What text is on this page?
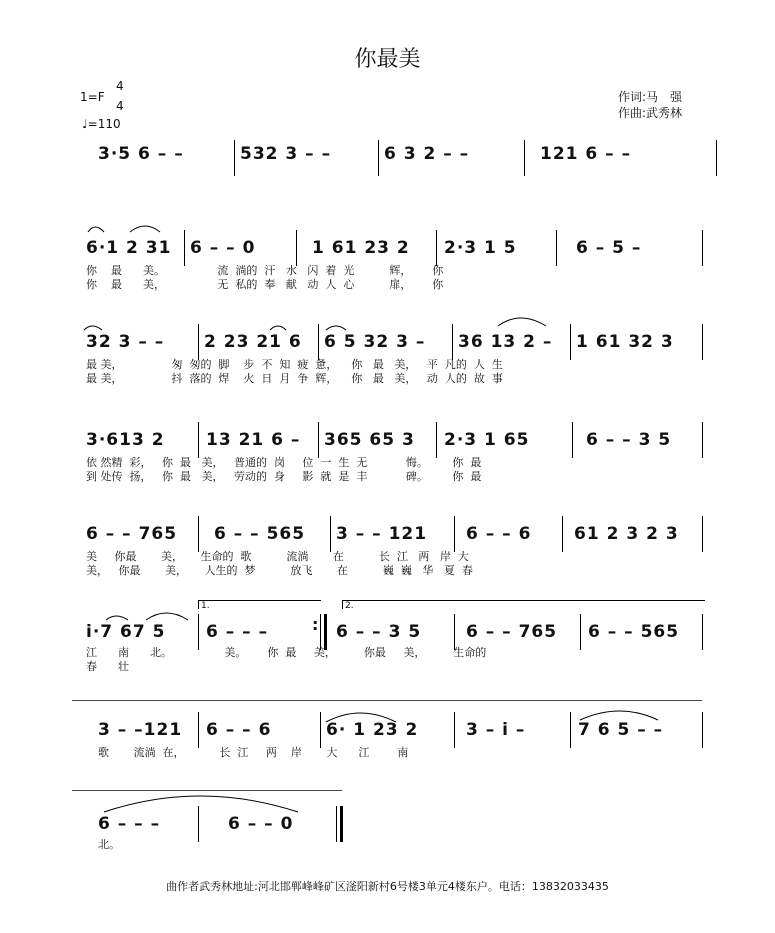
你最美
1=F
4
4
♩=110
作词:马　强
作曲:武秀林
3·5 6 – –	532 3 – –	6 3 2 – –	121 6 – –
6·1 2 31 6 – – 0	1 61 23 2 2·3 1 5	6 – 5 –
你    最      美。               流  淌的  汗   水   闪  着  光          辉，      你
你    最      美，               无  私的  奉   献   动  人  心          扉，      你
32 3 – – 2 23 21 6 6 5 32 3 – 36 13 2 – 1 61 32 3
最 美，              匆  匆的  脚    步  不  知  疲  惫，    你   最   美，   平  凡的  人  生
最 美，              抖  落的  焊    火  日  月  争  辉，    你   最   美，   动  人的  故  事
3·613 2 13 21 6 – 365 65 3 2·3 1 65	6 – – 3 5
依 然精  彩，   你  最   美，   普通的  岗     位  一  生  无           悔。       你  最
到 处传  扬，   你  最   美，   劳动的  身     影  就  是  丰           碑。       你  最
6 – – 765 6 – – 565 3 – – 121 6 – – 6	61 2 3 2 3
美     你最       美，     生命的  歌          流淌       在          长  江   两   岸  大
美，   你最       美，     人生的  梦          放飞       在          巍  巍   华   夏  春
1.	2.
i·7 67 5 6 – – –	: 6 – – 3 5	6 – – 765 6 – – 565
江      南      北。               美。      你  最     美，        你最     美，        生命的
春      壮
3 – –121 6 – – 6	6· 1 23 2	3 – i –	7 6 5 – –
歌       流淌  在，          长  江     两    岸       大      江        南
6 – – –	6 – – 0
北。
曲作者武秀林地址:河北邯郸峰峰矿区滏阳新村6号楼3单元4楼东户。电话：13832033435
